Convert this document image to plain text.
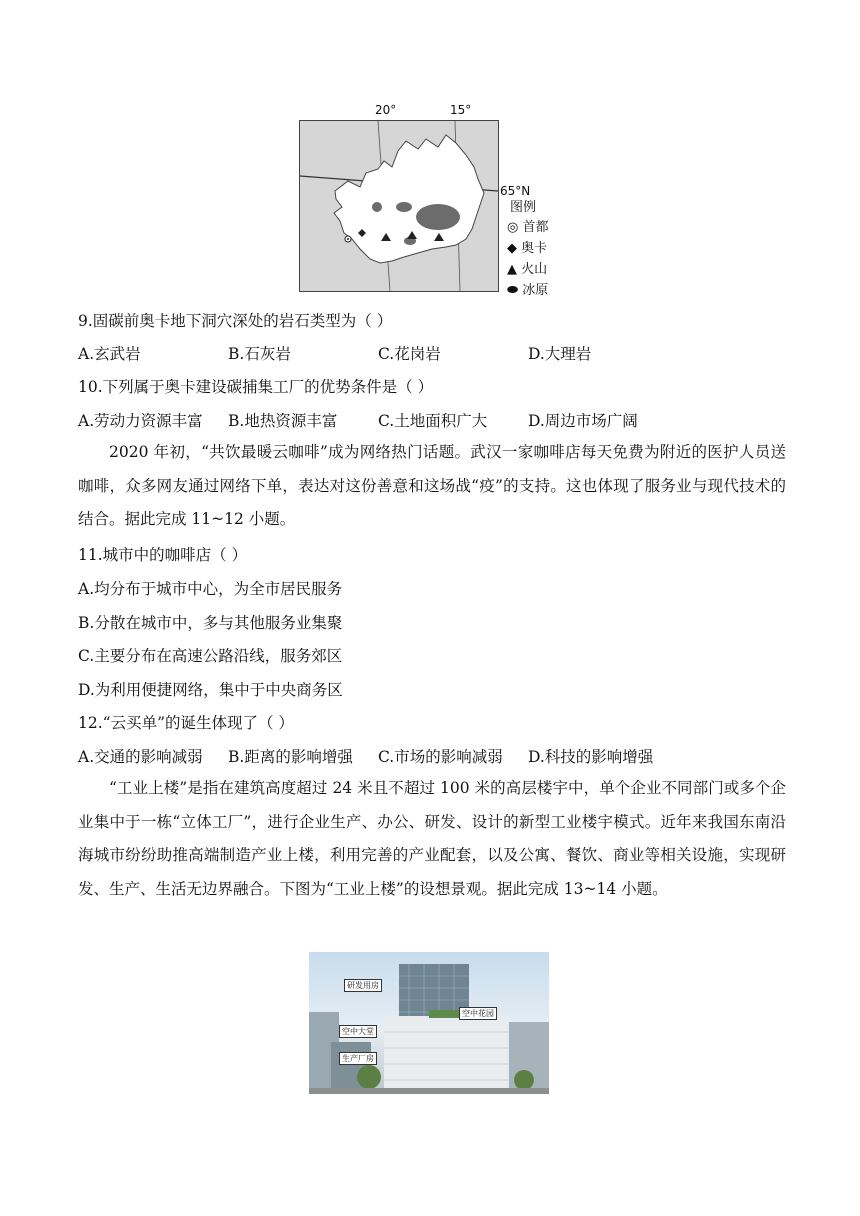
20°	15°
65°N
图例
◎ 首都
◆ 奥卡
▲ 火山
⬬ 冰原
9.固碳前奥卡地下洞穴深处的岩石类型为（ ）
A.玄武岩	B.石灰岩	C.花岗岩	D.大理岩
10.下列属于奥卡建设碳捕集工厂的优势条件是（ ）
A.劳动力资源丰富 B.地热资源丰富	C.土地面积广大	D.周边市场广阔
2020 年初，“共饮最暖云咖啡”成为网络热门话题。武汉一家咖啡店每天免费为附近的医护人员送咖啡，众多网友通过网络下单，表达对这份善意和这场战“疫”的支持。这也体现了服务业与现代技术的结合。据此完成 11~12 小题。
11.城市中的咖啡店（ ）
A.均分布于城市中心，为全市居民服务
B.分散在城市中，多与其他服务业集聚
C.主要分布在高速公路沿线，服务郊区
D.为利用便捷网络，集中于中央商务区
12.“云买单”的诞生体现了（ ）
A.交通的影响减弱 B.距离的影响增强 C.市场的影响减弱 D.科技的影响增强
“工业上楼”是指在建筑高度超过 24 米且不超过 100 米的高层楼宇中，单个企业不同部门或多个企业集中于一栋“立体工厂”，进行企业生产、办公、研发、设计的新型工业楼宇模式。近年来我国东南沿海城市纷纷助推高端制造产业上楼，利用完善的产业配套，以及公寓、餐饮、商业等相关设施，实现研发、生产、生活无边界融合。下图为“工业上楼”的设想景观。据此完成 13~14 小题。
研发用房
空中花园
空中大堂
生产厂房
